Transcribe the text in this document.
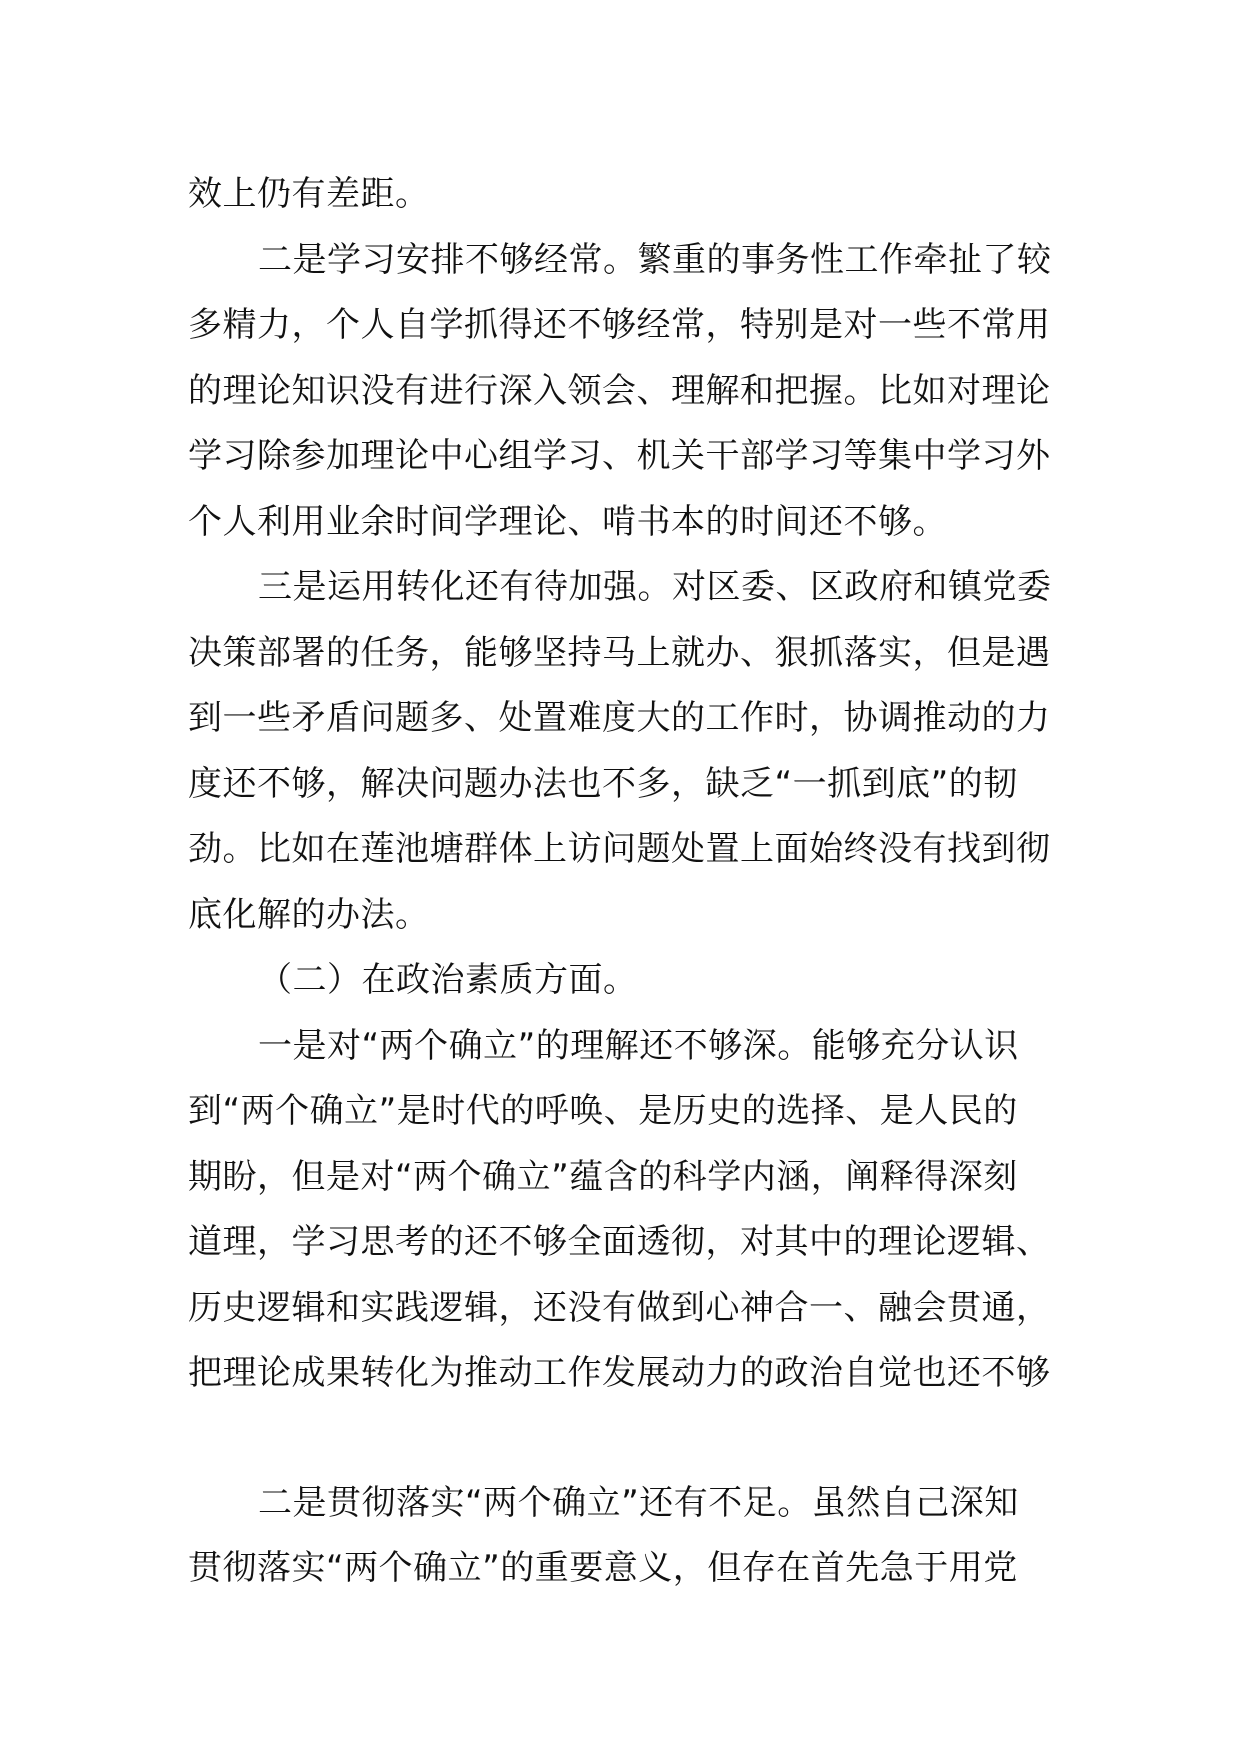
效上仍有差距。
二是学习安排不够经常。繁重的事务性工作牵扯了较
多精力，个人自学抓得还不够经常，特别是对一些不常用
的理论知识没有进行深入领会、理解和把握。比如对理论
学习除参加理论中心组学习、机关干部学习等集中学习外
个人利用业余时间学理论、啃书本的时间还不够。
三是运用转化还有待加强。对区委、区政府和镇党委
决策部署的任务，能够坚持马上就办、狠抓落实，但是遇
到一些矛盾问题多、处置难度大的工作时，协调推动的力
度还不够，解决问题办法也不多，缺乏“一抓到底”的韧
劲。比如在莲池塘群体上访问题处置上面始终没有找到彻
底化解的办法。
（二）在政治素质方面。
一是对“两个确立”的理解还不够深。能够充分认识
到“两个确立”是时代的呼唤、是历史的选择、是人民的
期盼，但是对“两个确立”蕴含的科学内涵，阐释得深刻
道理，学习思考的还不够全面透彻，对其中的理论逻辑、
历史逻辑和实践逻辑，还没有做到心神合一、融会贯通，
把理论成果转化为推动工作发展动力的政治自觉也还不够
二是贯彻落实“两个确立”还有不足。虽然自己深知
贯彻落实“两个确立”的重要意义，但存在首先急于用党
